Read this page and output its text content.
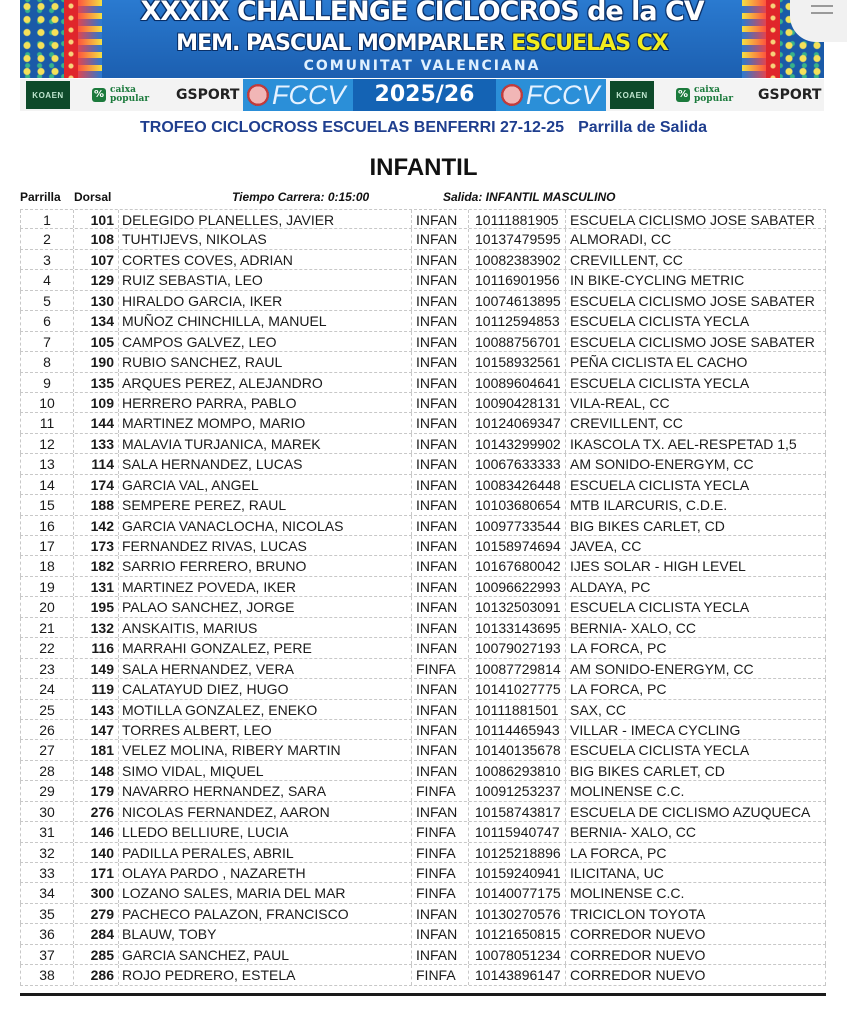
XXXIX CHALLENGE CICLOCROS de la CV
MEM. PASCUAL MOMPARLER ESCUELAS CX
COMUNITAT VALENCIANA
KOAEN	% caixa
popular GSPORT FCCV	2025/26	FCCV	KOAEN	% caixa
popular GSPORT
TROFEO CICLOCROSS ESCUELAS BENFERRI 27-12-25 Parrilla de Salida
INFANTIL
Parrilla Dorsal	Tiempo Carrera: 0:15:00	Salida: INFANTIL MASCULINO
1	101 DELEGIDO PLANELLES, JAVIER	INFAN	10111881905 ESCUELA CICLISMO JOSE SABATER
2	108 TUHTIJEVS, NIKOLAS	INFAN	10137479595 ALMORADI, CC
3	107 CORTES COVES, ADRIAN	INFAN	10082383902 CREVILLENT, CC
4	129 RUIZ SEBASTIA, LEO	INFAN	10116901956 IN BIKE-CYCLING METRIC
5	130 HIRALDO GARCIA, IKER	INFAN	10074613895 ESCUELA CICLISMO JOSE SABATER
6	134 MUÑOZ CHINCHILLA, MANUEL	INFAN	10112594853 ESCUELA CICLISTA YECLA
7	105 CAMPOS GALVEZ, LEO	INFAN	10088756701 ESCUELA CICLISMO JOSE SABATER
8	190 RUBIO SANCHEZ, RAUL	INFAN	10158932561 PEÑA CICLISTA EL CACHO
9	135 ARQUES PEREZ, ALEJANDRO	INFAN	10089604641 ESCUELA CICLISTA YECLA
10	109 HERRERO PARRA, PABLO	INFAN	10090428131 VILA-REAL, CC
11	144 MARTINEZ MOMPO, MARIO	INFAN	10124069347 CREVILLENT, CC
12	133 MALAVIA TURJANICA, MAREK	INFAN	10143299902 IKASCOLA TX. AEL-RESPETAD 1,5
13	114 SALA HERNANDEZ, LUCAS	INFAN	10067633333 AM SONIDO-ENERGYM, CC
14	174 GARCIA VAL, ANGEL	INFAN	10083426448 ESCUELA CICLISTA YECLA
15	188 SEMPERE PEREZ, RAUL	INFAN	10103680654 MTB ILARCURIS, C.D.E.
16	142 GARCIA VANACLOCHA, NICOLAS	INFAN	10097733544 BIG BIKES CARLET, CD
17	173 FERNANDEZ RIVAS, LUCAS	INFAN	10158974694 JAVEA, CC
18	182 SARRIO FERRERO, BRUNO	INFAN	10167680042 IJES SOLAR - HIGH LEVEL
19	131 MARTINEZ POVEDA, IKER	INFAN	10096622993 ALDAYA, PC
20	195 PALAO SANCHEZ, JORGE	INFAN	10132503091 ESCUELA CICLISTA YECLA
21	132 ANSKAITIS, MARIUS	INFAN	10133143695 BERNIA- XALO, CC
22	116 MARRAHI GONZALEZ, PERE	INFAN	10079027193 LA FORCA, PC
23	149 SALA HERNANDEZ, VERA	FINFA	10087729814 AM SONIDO-ENERGYM, CC
24	119 CALATAYUD DIEZ, HUGO	INFAN	10141027775 LA FORCA, PC
25	143 MOTILLA GONZALEZ, ENEKO	INFAN	10111881501 SAX, CC
26	147 TORRES ALBERT, LEO	INFAN	10114465943 VILLAR - IMECA CYCLING
27	181 VELEZ MOLINA, RIBERY MARTIN	INFAN	10140135678 ESCUELA CICLISTA YECLA
28	148 SIMO VIDAL, MIQUEL	INFAN	10086293810 BIG BIKES CARLET, CD
29	179 NAVARRO HERNANDEZ, SARA	FINFA	10091253237 MOLINENSE C.C.
30	276 NICOLAS FERNANDEZ, AARON	INFAN	10158743817 ESCUELA DE CICLISMO AZUQUECA
31	146 LLEDO BELLIURE, LUCIA	FINFA	10115940747 BERNIA- XALO, CC
32	140 PADILLA PERALES, ABRIL	FINFA	10125218896 LA FORCA, PC
33	171 OLAYA PARDO , NAZARETH	FINFA	10159240941 ILICITANA, UC
34	300 LOZANO SALES, MARIA DEL MAR	FINFA	10140077175 MOLINENSE C.C.
35	279 PACHECO PALAZON, FRANCISCO	INFAN	10130270576 TRICICLON TOYOTA
36	284 BLAUW, TOBY	INFAN	10121650815 CORREDOR NUEVO
37	285 GARCIA SANCHEZ, PAUL	INFAN	10078051234 CORREDOR NUEVO
38	286 ROJO PEDRERO, ESTELA	FINFA	10143896147 CORREDOR NUEVO
